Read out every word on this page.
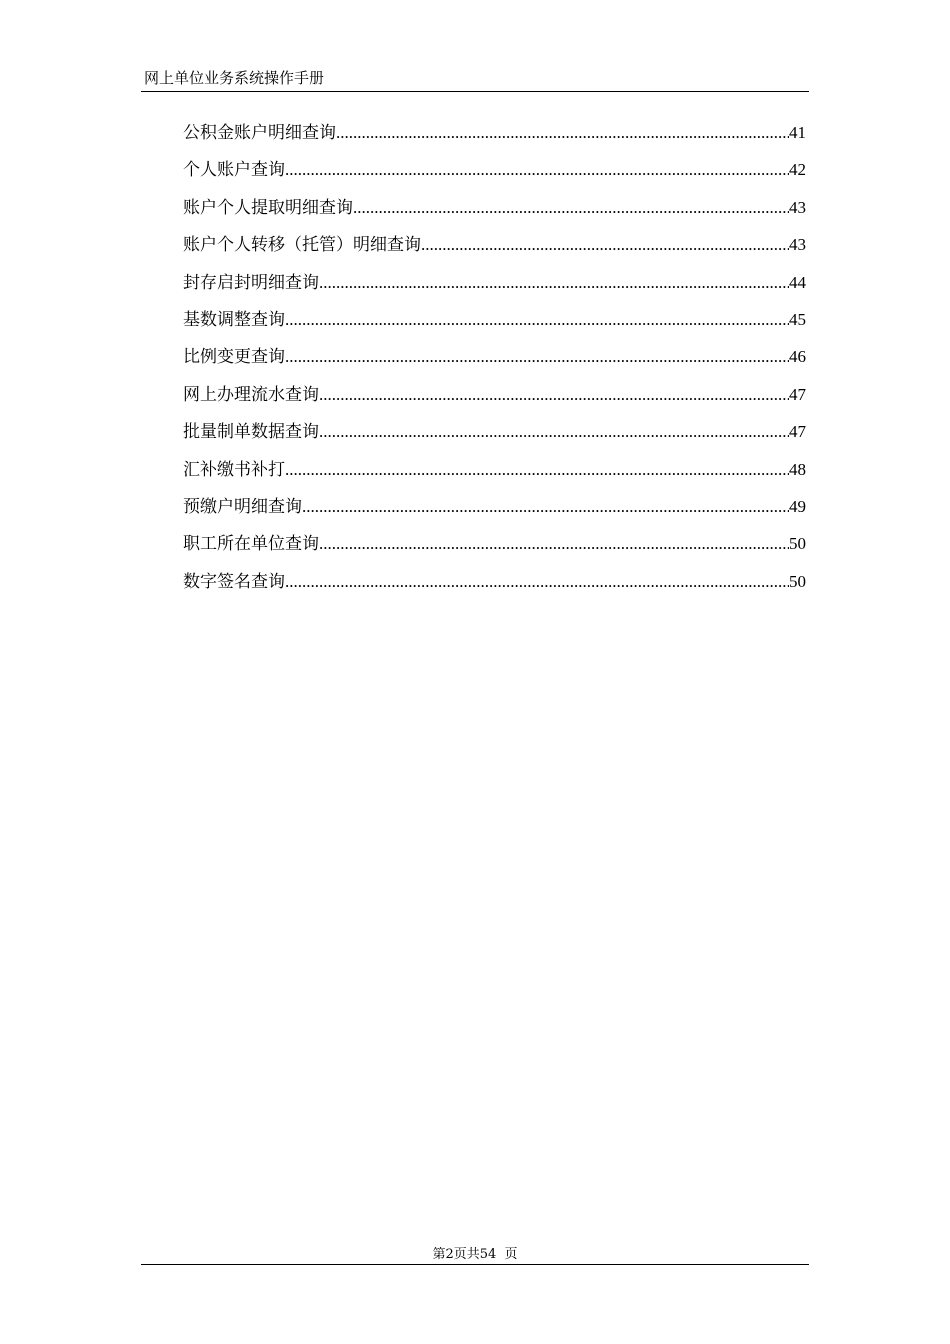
网上单位业务系统操作手册
公积金账户明细查询 .....	41
个人账户查询 .....	42
账户个人提取明细查询 .....	43
账户个人转移（托管）明细查询 .....	43
封存启封明细查询 .....	44
基数调整查询 .....	45
比例变更查询 .....	46
网上办理流水查询 .....	47
批量制单数据查询 .....	47
汇补缴书补打 .....	48
预缴户明细查询 .....	49
职工所在单位查询 .....	50
数字签名查询 .....	50
第2页共54  页
